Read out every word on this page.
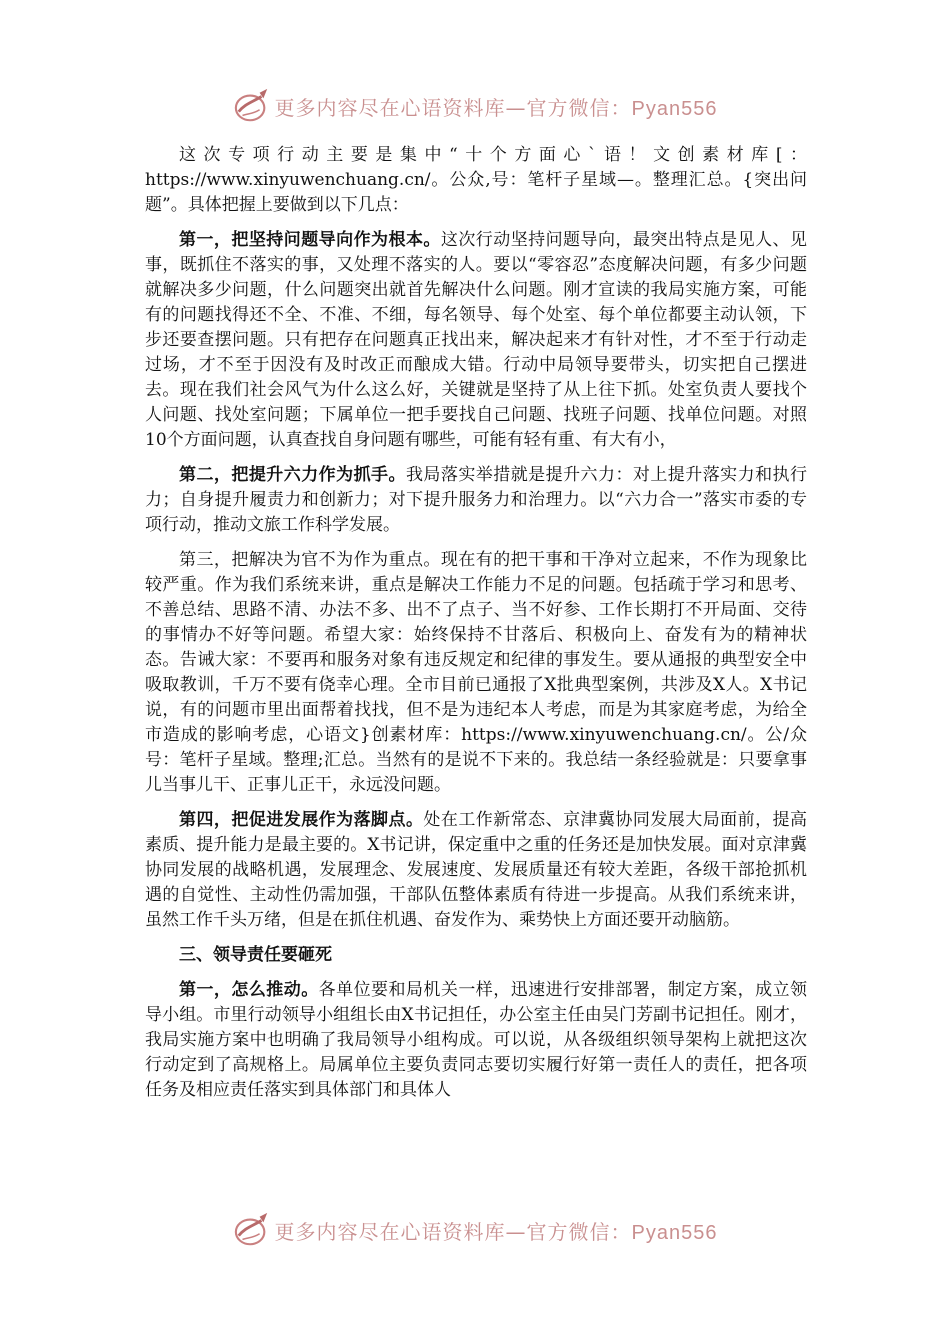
更多内容尽在心语资料库—官方微信：Pyan556

这次专项行动主要是集中“十个方面心`语！文创素材库[：https://www.xinyuwenchuang.cn/。公众,号：笔杆子星域—。整理汇总。{突出问题”。具体把握上要做到以下几点：

第一，把坚持问题导向作为根本。这次行动坚持问题导向，最突出特点是见人、见事，既抓住不落实的事，又处理不落实的人。要以“零容忍”态度解决问题，有多少问题就解决多少问题，什么问题突出就首先解决什么问题。刚才宣读的我局实施方案，可能有的问题找得还不全、不准、不细，每名领导、每个处室、每个单位都要主动认领，下步还要查摆问题。只有把存在问题真正找出来，解决起来才有针对性，才不至于行动走过场，才不至于因没有及时改正而酿成大错。行动中局领导要带头，切实把自己摆进去。现在我们社会风气为什么这么好，关键就是坚持了从上往下抓。处室负责人要找个人问题、找处室问题；下属单位一把手要找自己问题、找班子问题、找单位问题。对照10个方面问题，认真查找自身问题有哪些，可能有轻有重、有大有小，

第二，把提升六力作为抓手。我局落实举措就是提升六力：对上提升落实力和执行力；自身提升履责力和创新力；对下提升服务力和治理力。以“六力合一”落实市委的专项行动，推动文旅工作科学发展。

第三，把解决为官不为作为重点。现在有的把干事和干净对立起来，不作为现象比较严重。作为我们系统来讲，重点是解决工作能力不足的问题。包括疏于学习和思考、不善总结、思路不清、办法不多、出不了点子、当不好参、工作长期打不开局面、交待的事情办不好等问题。希望大家：始终保持不甘落后、积极向上、奋发有为的精神状态。告诫大家：不要再和服务对象有违反规定和纪律的事发生。要从通报的典型安全中吸取教训，千万不要有侥幸心理。全市目前已通报了X批典型案例，共涉及X人。X书记说，有的问题市里出面帮着找找，但不是为违纪本人考虑，而是为其家庭考虑，为给全市造成的影响考虑，心语文}创素材库：https://www.xinyuwenchuang.cn/。公/众号：笔杆子星域。整理;汇总。当然有的是说不下来的。我总结一条经验就是：只要拿事儿当事儿干、正事儿正干，永远没问题。

第四，把促进发展作为落脚点。处在工作新常态、京津冀协同发展大局面前，提高素质、提升能力是最主要的。X书记讲，保定重中之重的任务还是加快发展。面对京津冀协同发展的战略机遇，发展理念、发展速度、发展质量还有较大差距，各级干部抢抓机遇的自觉性、主动性仍需加强，干部队伍整体素质有待进一步提高。从我们系统来讲，虽然工作千头万绪，但是在抓住机遇、奋发作为、乘势快上方面还要开动脑筋。

三、领导责任要砸死

第一，怎么推动。各单位要和局机关一样，迅速进行安排部署，制定方案，成立领导小组。市里行动领导小组组长由X书记担任，办公室主任由吴门芳副书记担任。刚才，我局实施方案中也明确了我局领导小组构成。可以说，从各级组织领导架构上就把这次行动定到了高规格上。局属单位主要负责同志要切实履行好第一责任人的责任，把各项任务及相应责任落实到具体部门和具体人

更多内容尽在心语资料库—官方微信：Pyan556
